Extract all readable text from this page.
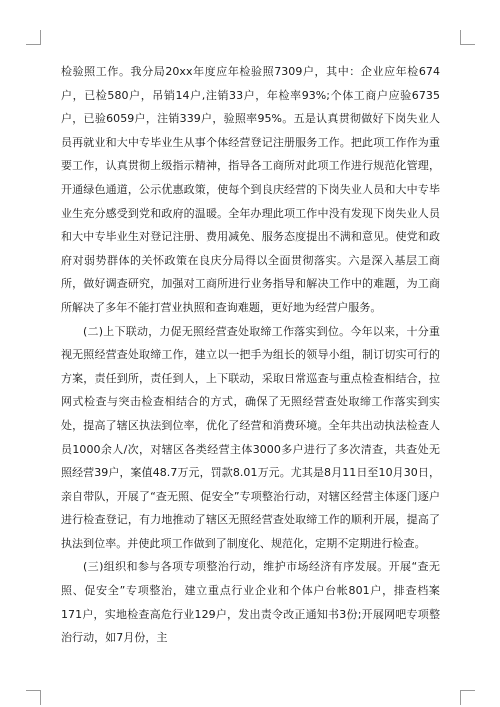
检验照工作。我分局20xx年度应年检验照7309户，其中：企业应年检674户，已检580户，吊销14户,注销33户，年检率93%;个体工商户应验6735户，已验6059户，注销339户，验照率95%。五是认真贯彻做好下岗失业人员再就业和大中专毕业生从事个体经营登记注册服务工作。把此项工作作为重要工作，认真贯彻上级指示精神，指导各工商所对此项工作进行规范化管理，开通绿色通道，公示优惠政策，使每个到良庆经营的下岗失业人员和大中专毕业生充分感受到党和政府的温暖。全年办理此项工作中没有发现下岗失业人员和大中专毕业生对登记注册、费用减免、服务态度提出不满和意见。使党和政府对弱势群体的关怀政策在良庆分局得以全面贯彻落实。六是深入基层工商所，做好调查研究，加强对工商所进行业务指导和解决工作中的难题，为工商所解决了多年不能打营业执照和查询难题，更好地为经营户服务。

(二)上下联动，力促无照经营查处取缔工作落实到位。今年以来，十分重视无照经营查处取缔工作，建立以一把手为组长的领导小组，制订切实可行的方案，责任到所，责任到人，上下联动，采取日常巡查与重点检查相结合，拉网式检查与突击检查相结合的方式，确保了无照经营查处取缔工作落实到实处，提高了辖区执法到位率，优化了经营和消费环境。全年共出动执法检查人员1000余人/次，对辖区各类经营主体3000多户进行了多次清查，共查处无照经营39户，案值48.7万元，罚款8.01万元。尤其是8月11日至10月30日，亲自带队，开展了“查无照、促安全”专项整治行动，对辖区经营主体逐门逐户进行检查登记，有力地推动了辖区无照经营查处取缔工作的顺利开展，提高了执法到位率。并使此项工作做到了制度化、规范化，定期不定期进行检查。

(三)组织和参与各项专项整治行动，维护市场经济有序发展。开展“查无照、促安全”专项整治，建立重点行业企业和个体户台帐801户，排查档案171户，实地检查高危行业129户，发出责令改正通知书3份;开展网吧专项整治行动，如7月份，主
